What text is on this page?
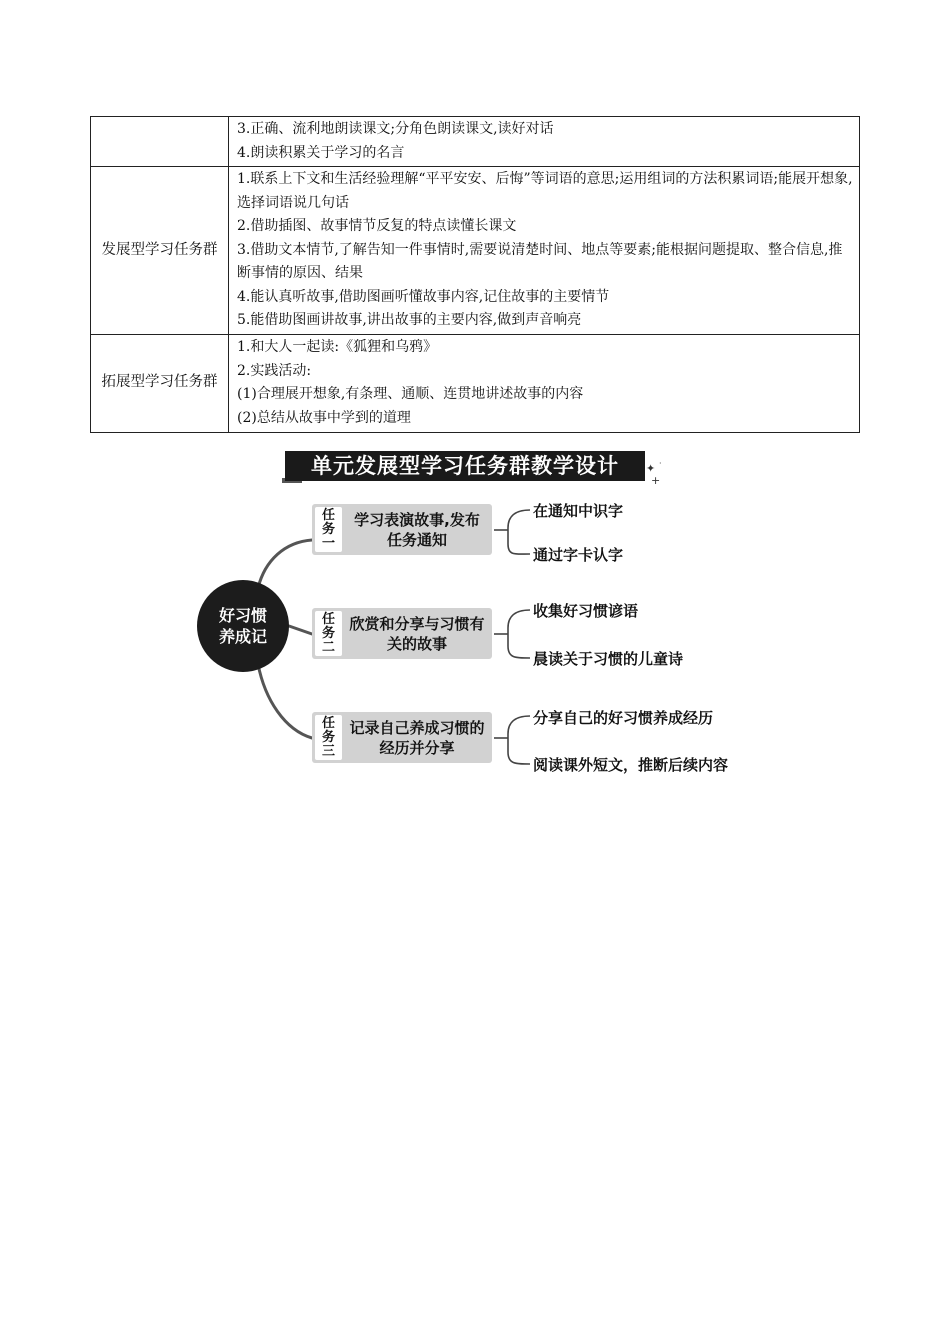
	3.正确、流利地朗读课文;分角色朗读课文,读好对话
4.朗读积累关于学习的名言

发展型学习任务群	1.联系上下文和生活经验理解“平平安安、后悔”等词语的意思;运用组词的方法积累词语;能展开想象,选择词语说几句话
2.借助插图、故事情节反复的特点读懂长课文
3.借助文本情节,了解告知一件事情时,需要说清楚时间、地点等要素;能根据问题提取、整合信息,推断事情的原因、结果
4.能认真听故事,借助图画听懂故事内容,记住故事的主要情节
5.能借助图画讲故事,讲出故事的主要内容,做到声音响亮

拓展型学习任务群	1.和大人一起读:《狐狸和乌鸦》
2.实践活动:
(1)合理展开想象,有条理、通顺、连贯地讲述故事的内容
(2)总结从故事中学到的道理
单元发展型学习任务群教学设计	✦ ·
+
好习惯养成记
任务一
学习表演故事,发布任务通知
在通知中识字
通过字卡认字
任务二
欣赏和分享与习惯有关的故事
收集好习惯谚语
晨读关于习惯的儿童诗
任务三
记录自己养成习惯的经历并分享
分享自己的好习惯养成经历
阅读课外短文，推断后续内容
